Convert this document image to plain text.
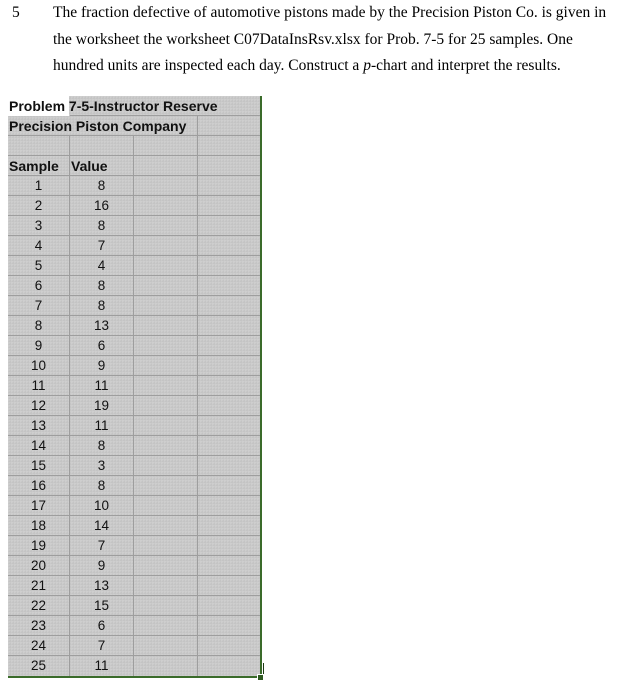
5 The fraction defective of automotive pistons made by the Precision Piston Co. is given in
the worksheet the worksheet C07DataInsRsv.xlsx for Prob. 7-5 for 25 samples. One
hundred units are inspected each day. Construct a p-chart and interpret the results.
Problem 7-5-Instructor Reserve
Precision Piston Company
Sample Value
1	8
2	16
3	8
4	7
5	4
6	8
7	8
8	13
9	6
10	9
11	11
12	19
13	11
14	8
15	3
16	8
17	10
18	14
19	7
20	9
21	13
22	15
23	6
24	7
25	11
